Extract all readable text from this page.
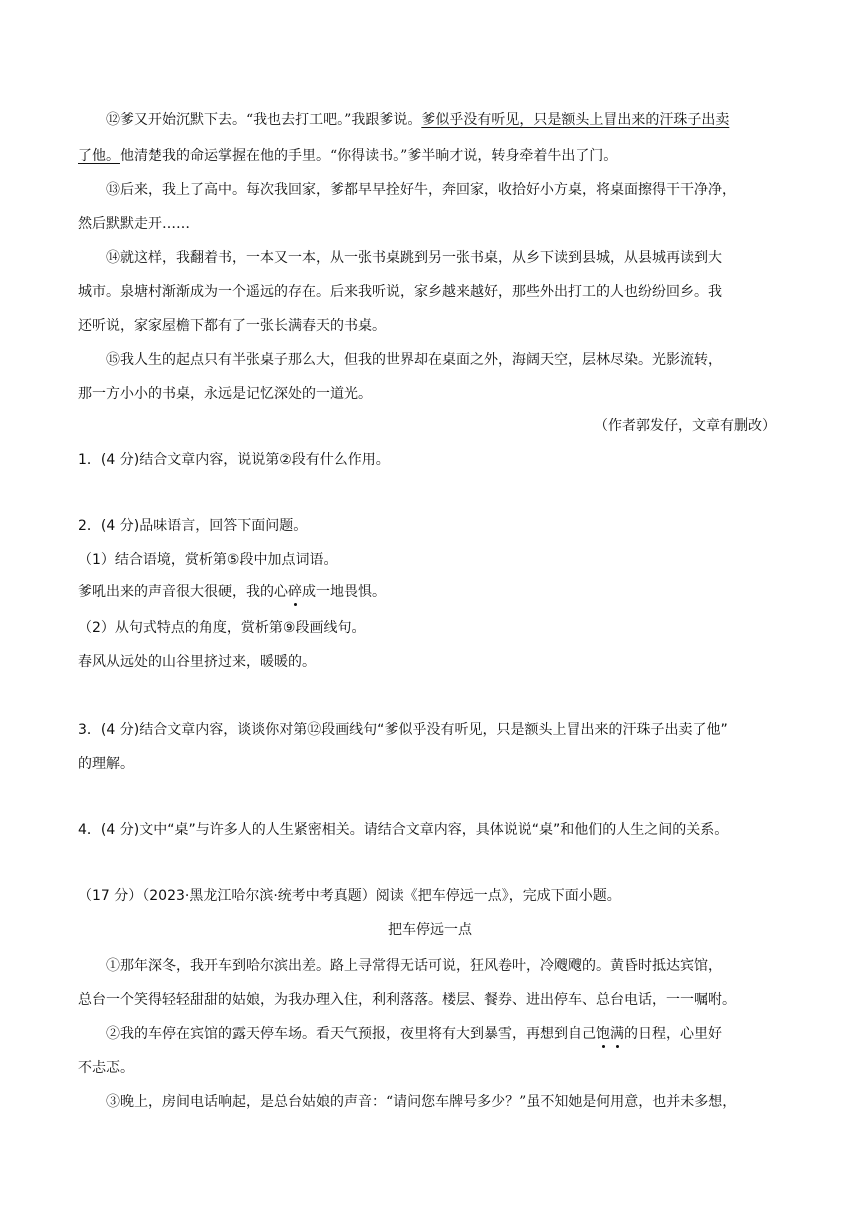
⑫爹又开始沉默下去。“我也去打工吧。”我跟爹说。爹似乎没有听见，只是额头上冒出来的汗珠子出卖
了他。他清楚我的命运掌握在他的手里。“你得读书。”爹半晌才说，转身牵着牛出了门。
⑬后来，我上了高中。每次我回家，爹都早早拴好牛，奔回家，收拾好小方桌，将桌面擦得干干净净，
然后默默走开……
⑭就这样，我翻着书，一本又一本，从一张书桌跳到另一张书桌，从乡下读到县城，从县城再读到大
城市。泉塘村渐渐成为一个遥远的存在。后来我听说，家乡越来越好，那些外出打工的人也纷纷回乡。我
还听说，家家屋檐下都有了一张长满春天的书桌。
⑮我人生的起点只有半张桌子那么大，但我的世界却在桌面之外，海阔天空，层林尽染。光影流转，
那一方小小的书桌，永远是记忆深处的一道光。
（作者郭发仔，文章有删改）
1．(4 分)结合文章内容，说说第②段有什么作用。
2．(4 分)品味语言，回答下面问题。
（1）结合语境，赏析第⑤段中加点词语。
爹吼出来的声音很大很硬，我的心碎成一地畏惧。
（2）从句式特点的角度，赏析第⑨段画线句。
春风从远处的山谷里挤过来，暖暖的。
3．(4 分)结合文章内容，谈谈你对第⑫段画线句“爹似乎没有听见，只是额头上冒出来的汗珠子出卖了他”
的理解。
4．(4 分)文中“桌”与许多人的人生紧密相关。请结合文章内容，具体说说“桌”和他们的人生之间的关系。
（17 分）（2023·黑龙江哈尔滨·统考中考真题）阅读《把车停远一点》，完成下面小题。
把车停远一点
①那年深冬，我开车到哈尔滨出差。路上寻常得无话可说，狂风卷叶，冷飕飕的。黄昏时抵达宾馆，
总台一个笑得轻轻甜甜的姑娘，为我办理入住，利利落落。楼层、餐券、进出停车、总台电话，一一嘱咐。
②我的车停在宾馆的露天停车场。看天气预报，夜里将有大到暴雪，再想到自己饱满的日程，心里好
不忐忑。
③晚上，房间电话响起，是总台姑娘的声音：“请问您车牌号多少？”虽不知她是何用意，也并未多想，
